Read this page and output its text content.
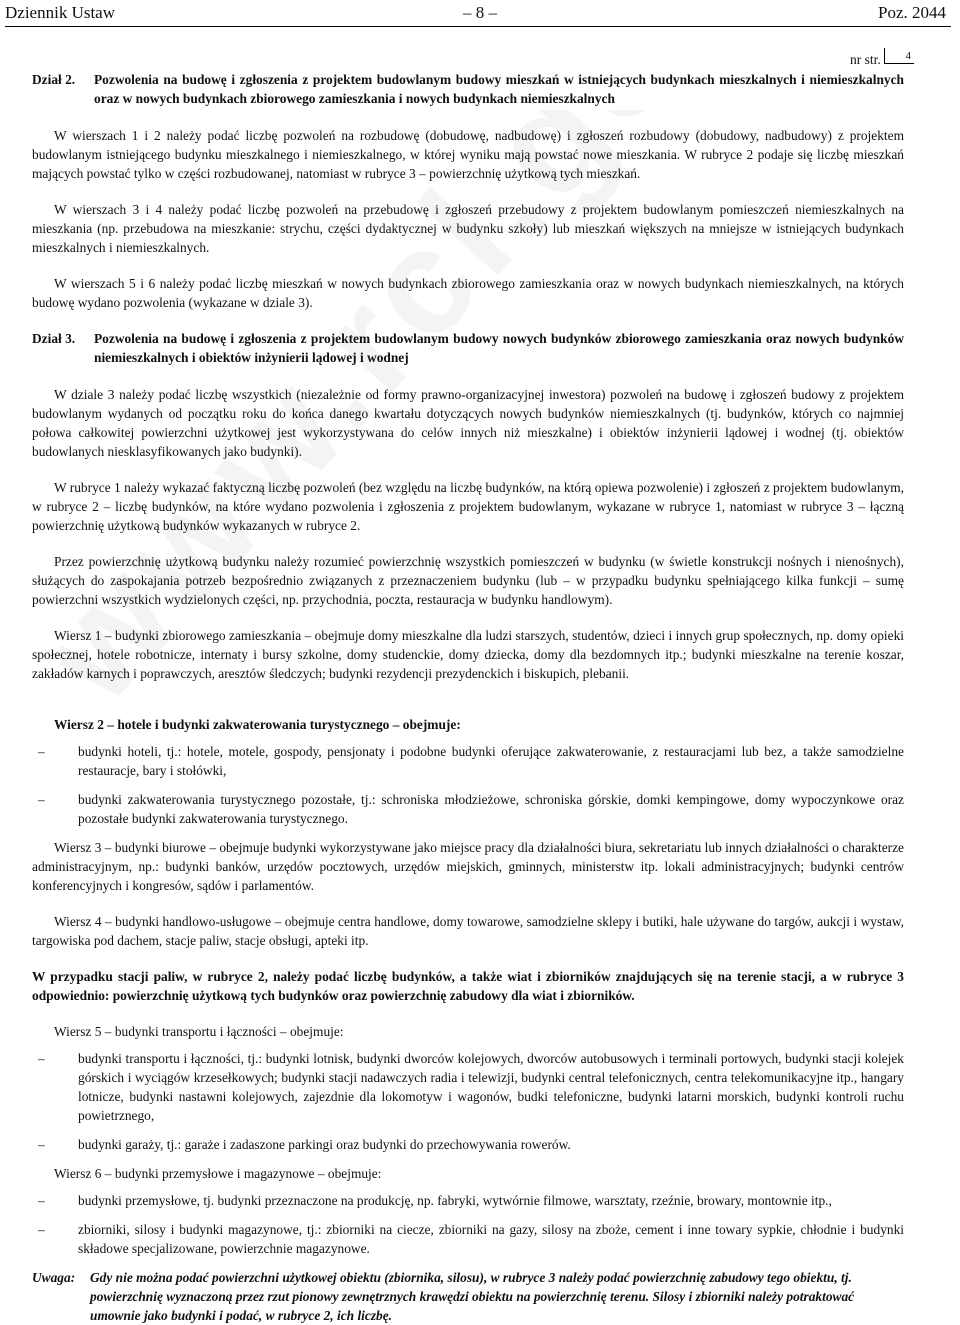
Dziennik Ustaw	– 8 –	Poz. 2044
nr str.	4
Dział 2.	Pozwolenia na budowę i zgłoszenia z projektem budowlanym budowy mieszkań w istniejących budynkach mieszkalnych i niemieszkalnych oraz w nowych budynkach zbiorowego zamieszkania i nowych budynkach niemieszkalnych

W wierszach 1 i 2 należy podać liczbę pozwoleń na rozbudowę (dobudowę, nadbudowę) i zgłoszeń rozbudowy (dobudowy, nadbudowy) z projektem budowlanym istniejącego budynku mieszkalnego i niemieszkalnego, w której wyniku mają powstać nowe mieszkania. W rubryce 2 podaje się liczbę mieszkań mających powstać tylko w części rozbudowanej, natomiast w rubryce 3 – powierzchnię użytkową tych mieszkań.

W wierszach 3 i 4 należy podać liczbę pozwoleń na przebudowę i zgłoszeń przebudowy z projektem budowlanym pomieszczeń niemieszkalnych na mieszkania (np. przebudowa na mieszkanie: strychu, części dydaktycznej w budynku szkoły) lub mieszkań większych na mniejsze w istniejących budynkach mieszkalnych i niemieszkalnych.

W wierszach 5 i 6 należy podać liczbę mieszkań w nowych budynkach zbiorowego zamieszkania oraz w nowych budynkach niemieszkalnych, na których budowę wydano pozwolenia (wykazane w dziale 3).

Dział 3.	Pozwolenia na budowę i zgłoszenia z projektem budowlanym budowy nowych budynków zbiorowego zamieszkania oraz nowych budynków niemieszkalnych i obiektów inżynierii lądowej i wodnej

W dziale 3 należy podać liczbę wszystkich (niezależnie od formy prawno-organizacyjnej inwestora) pozwoleń na budowę i zgłoszeń budowy z projektem budowlanym wydanych od początku roku do końca danego kwartału dotyczących nowych budynków niemieszkalnych (tj. budynków, których co najmniej połowa całkowitej powierzchni użytkowej jest wykorzystywana do celów innych niż mieszkalne) i obiektów inżynierii lądowej i wodnej (tj. obiektów budowlanych niesklasyfikowanych jako budynki).

W rubryce 1 należy wykazać faktyczną liczbę pozwoleń (bez względu na liczbę budynków, na którą opiewa pozwolenie) i zgłoszeń z projektem budowlanym, w rubryce 2 – liczbę budynków, na które wydano pozwolenia i zgłoszenia z projektem budowlanym, wykazane w rubryce 1, natomiast w rubryce 3 – łączną powierzchnię użytkową budynków wykazanych w rubryce 2.

Przez powierzchnię użytkową budynku należy rozumieć powierzchnię wszystkich pomieszczeń w budynku (w świetle konstrukcji nośnych i nienośnych), służących do zaspokajania potrzeb bezpośrednio związanych z przeznaczeniem budynku (lub – w przypadku budynku spełniającego kilka funkcji – sumę powierzchni wszystkich wydzielonych części, np. przychodnia, poczta, restauracja w budynku handlowym).

Wiersz 1 – budynki zbiorowego zamieszkania – obejmuje domy mieszkalne dla ludzi starszych, studentów, dzieci i innych grup społecznych, np. domy opieki społecznej, hotele robotnicze, internaty i bursy szkolne, domy studenckie, domy dziecka, domy dla bezdomnych itp.; budynki mieszkalne na terenie koszar, zakładów karnych i poprawczych, aresztów śledczych; budynki rezydencji prezydenckich i biskupich, plebanii.

Wiersz 2 – hotele i budynki zakwaterowania turystycznego – obejmuje:

–	budynki hoteli, tj.: hotele, motele, gospody, pensjonaty i podobne budynki oferujące zakwaterowanie, z restauracjami lub bez, a także samodzielne restauracje, bary i stołówki,
–	budynki zakwaterowania turystycznego pozostałe, tj.: schroniska młodzieżowe, schroniska górskie, domki kempingowe, domy wypoczynkowe oraz pozostałe budynki zakwaterowania turystycznego.

Wiersz 3 – budynki biurowe – obejmuje budynki wykorzystywane jako miejsce pracy dla działalności biura, sekretariatu lub innych działalności o charakterze administracyjnym, np.: budynki banków, urzędów pocztowych, urzędów miejskich, gminnych, ministerstw itp. lokali administracyjnych; budynki centrów konferencyjnych i kongresów, sądów i parlamentów.

Wiersz 4 – budynki handlowo-usługowe – obejmuje centra handlowe, domy towarowe, samodzielne sklepy i butiki, hale używane do targów, aukcji i wystaw, targowiska pod dachem, stacje paliw, stacje obsługi, apteki itp.

W przypadku stacji paliw, w rubryce 2, należy podać liczbę budynków, a także wiat i zbiorników znajdujących się na terenie stacji, a w rubryce 3 odpowiednio: powierzchnię użytkową tych budynków oraz powierzchnię zabudowy dla wiat i zbiorników.

Wiersz 5 – budynki transportu i łączności – obejmuje:

–	budynki transportu i łączności, tj.: budynki lotnisk, budynki dworców kolejowych, dworców autobusowych i terminali portowych, budynki stacji kolejek górskich i wyciągów krzesełkowych; budynki stacji nadawczych radia i telewizji, budynki central telefonicznych, centra telekomunikacyjne itp., hangary lotnicze, budynki nastawni kolejowych, zajezdnie dla lokomotyw i wagonów, budki telefoniczne, budynki latarni morskich, budynki kontroli ruchu powietrznego,
–	budynki garaży, tj.: garaże i zadaszone parkingi oraz budynki do przechowywania rowerów.

Wiersz 6 – budynki przemysłowe i magazynowe – obejmuje:

–	budynki przemysłowe, tj. budynki przeznaczone na produkcję, np. fabryki, wytwórnie filmowe, warsztaty, rzeźnie, browary, montownie itp.,
–	zbiorniki, silosy i budynki magazynowe, tj.: zbiorniki na ciecze, zbiorniki na gazy, silosy na zboże, cement i inne towary sypkie, chłodnie i budynki składowe specjalizowane, powierzchnie magazynowe.
Uwaga:	Gdy nie można podać powierzchni użytkowej obiektu (zbiornika, silosu), w rubryce 3 należy podać powierzchnię zabudowy tego obiektu, tj. powierzchnię wyznaczoną przez rzut pionowy zewnętrznych krawędzi obiektu na powierzchnię terenu. Silosy i zbiorniki należy potraktować umownie jako budynki i podać, w rubryce 2, ich liczbę.
